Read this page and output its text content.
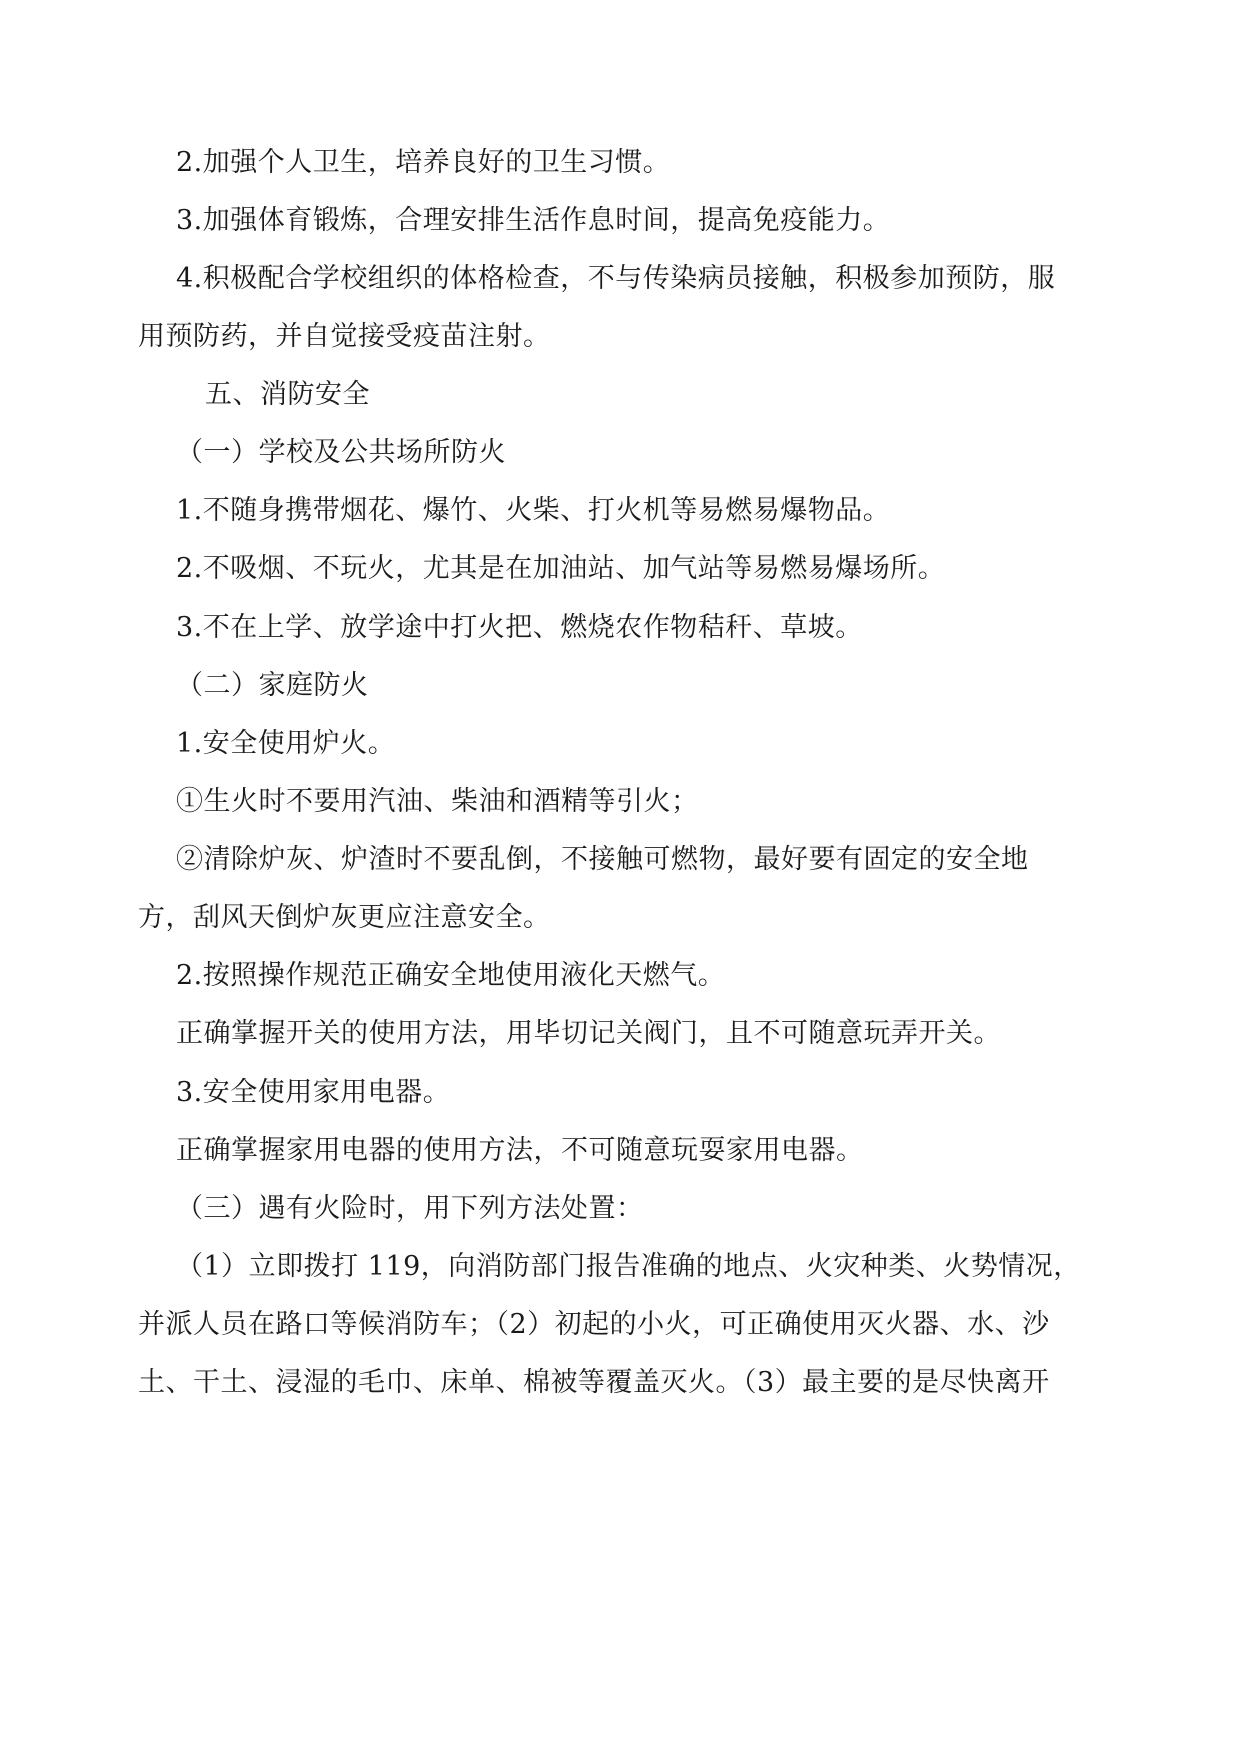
2.加强个人卫生，培养良好的卫生习惯。
3.加强体育锻炼，合理安排生活作息时间，提高免疫能力。
4.积极配合学校组织的体格检查，不与传染病员接触，积极参加预防，服
用预防药，并自觉接受疫苗注射。
五、消防安全
（一）学校及公共场所防火
1.不随身携带烟花、爆竹、火柴、打火机等易燃易爆物品。
2.不吸烟、不玩火，尤其是在加油站、加气站等易燃易爆场所。
3.不在上学、放学途中打火把、燃烧农作物秸秆、草坡。
（二）家庭防火
1.安全使用炉火。
①生火时不要用汽油、柴油和酒精等引火；
②清除炉灰、炉渣时不要乱倒，不接触可燃物，最好要有固定的安全地
方，刮风天倒炉灰更应注意安全。
2.按照操作规范正确安全地使用液化天燃气。
正确掌握开关的使用方法，用毕切记关阀门，且不可随意玩弄开关。
3.安全使用家用电器。
正确掌握家用电器的使用方法，不可随意玩耍家用电器。
（三）遇有火险时，用下列方法处置：
（1）立即拨打 119，向消防部门报告准确的地点、火灾种类、火势情况，
并派人员在路口等候消防车；（2）初起的小火，可正确使用灭火器、水、沙
土、干土、浸湿的毛巾、床单、棉被等覆盖灭火。（3）最主要的是尽快离开
